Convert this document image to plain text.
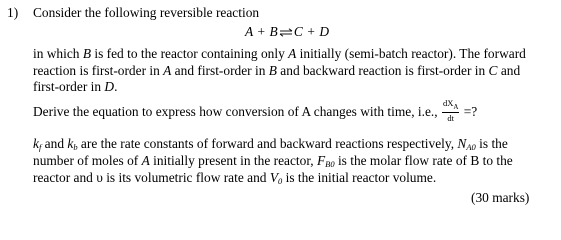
1) Consider the following reversible reaction
A + B⇌C + D
in which B is fed to the reactor containing only A initially (semi-batch reactor). The forward
reaction is first-order in A and first-order in B and backward reaction is first-order in C and
first-order in D.
Derive the equation to express how conversion of A changes with time, i.e., $\frac{dX_A}{dt}$ =?
$k_f$ and $k_b$ are the rate constants of forward and backward reactions respectively, $N_{A0}$ is the
number of moles of A initially present in the reactor, $F_{B0}$ is the molar flow rate of B to the
reactor and υ is its volumetric flow rate and $V_0$ is the initial reactor volume.
(30 marks)
